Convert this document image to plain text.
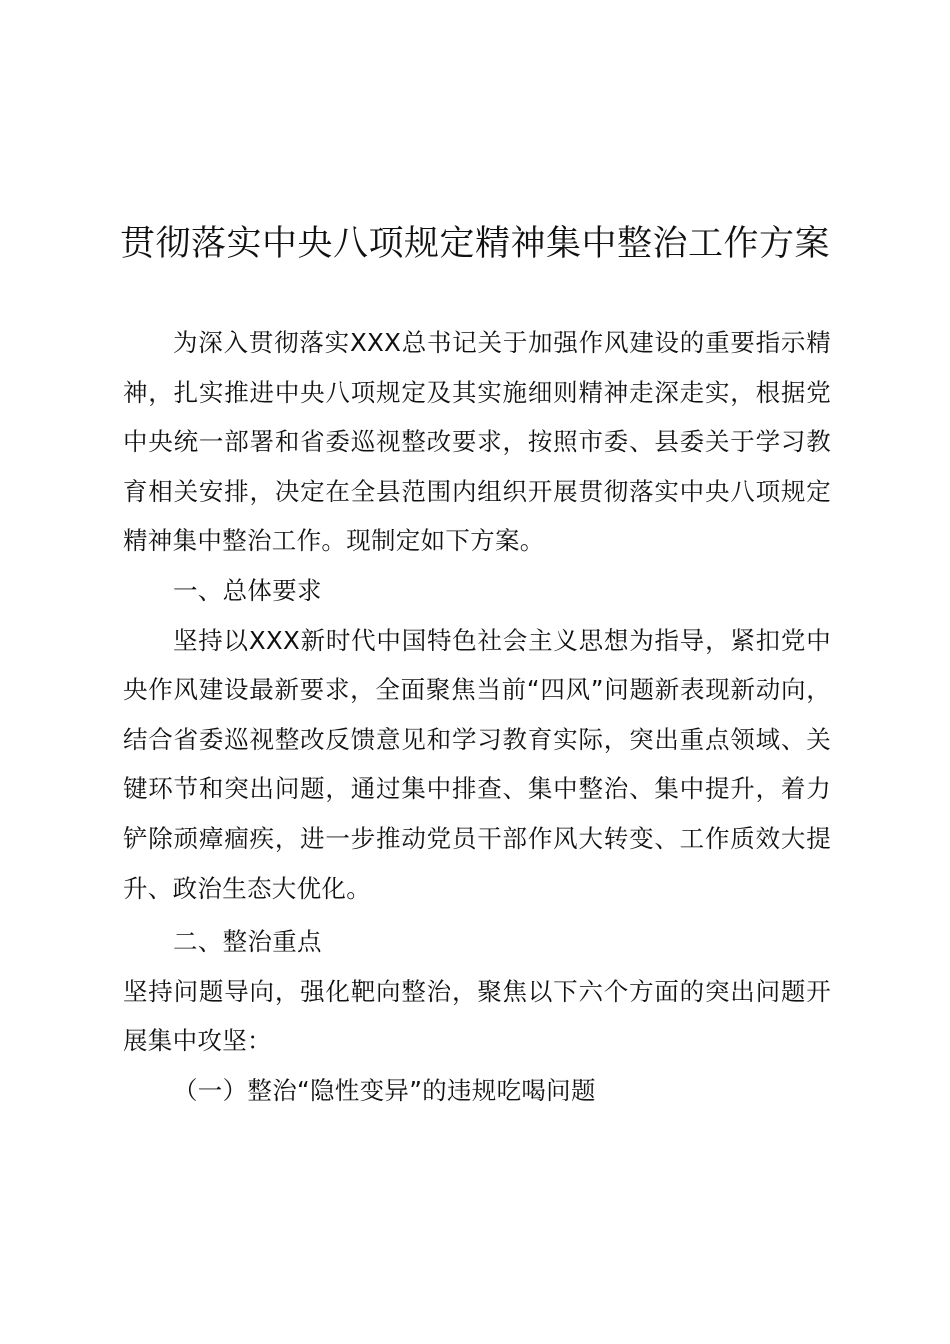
贯彻落实中央八项规定精神集中整治工作方案

为深入贯彻落实XXX总书记关于加强作风建设的重要指示精神，扎实推进中央八项规定及其实施细则精神走深走实，根据党中央统一部署和省委巡视整改要求，按照市委、县委关于学习教育相关安排，决定在全县范围内组织开展贯彻落实中央八项规定精神集中整治工作。现制定如下方案。

一、总体要求

坚持以XXX新时代中国特色社会主义思想为指导，紧扣党中央作风建设最新要求，全面聚焦当前“四风”问题新表现新动向，结合省委巡视整改反馈意见和学习教育实际，突出重点领域、关键环节和突出问题，通过集中排查、集中整治、集中提升，着力铲除顽瘴痼疾，进一步推动党员干部作风大转变、工作质效大提升、政治生态大优化。

二、整治重点

坚持问题导向，强化靶向整治，聚焦以下六个方面的突出问题开展集中攻坚：

（一）整治“隐性变异”的违规吃喝问题
